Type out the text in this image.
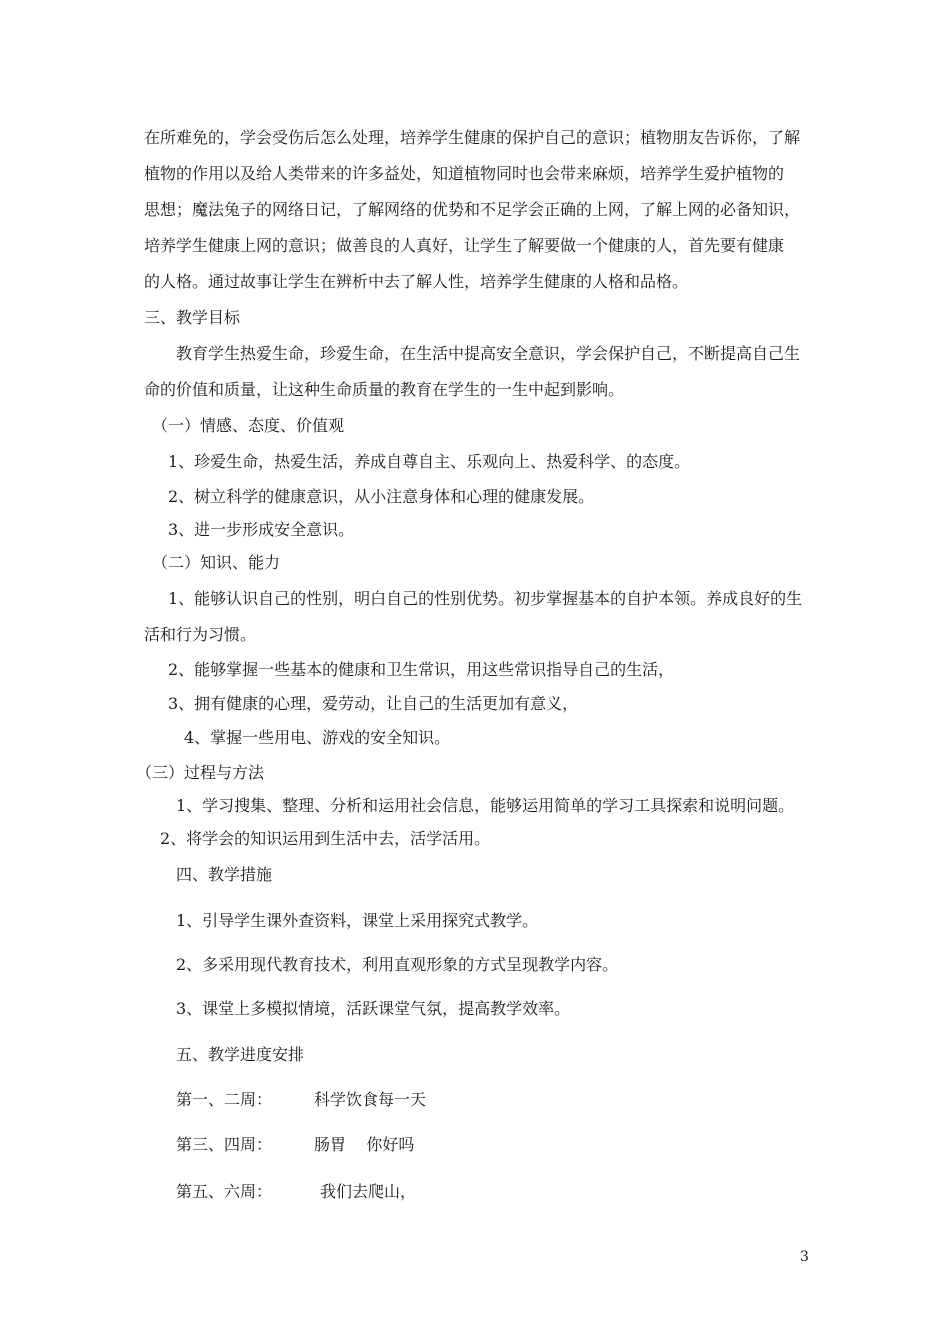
在所难免的，学会受伤后怎么处理，培养学生健康的保护自己的意识；植物朋友告诉你，了解
植物的作用以及给人类带来的许多益处，知道植物同时也会带来麻烦，培养学生爱护植物的
思想；魔法兔子的网络日记，了解网络的优势和不足学会正确的上网，了解上网的必备知识，
培养学生健康上网的意识；做善良的人真好，让学生了解要做一个健康的人，首先要有健康
的人格。通过故事让学生在辨析中去了解人性，培养学生健康的人格和品格。
三、教学目标
教育学生热爱生命，珍爱生命，在生活中提高安全意识，学会保护自己，不断提高自己生
命的价值和质量，让这种生命质量的教育在学生的一生中起到影响。
（一）情感、态度、价值观
1、珍爱生命，热爱生活，养成自尊自主、乐观向上、热爱科学、的态度。
2、树立科学的健康意识，从小注意身体和心理的健康发展。
3、进一步形成安全意识。
（二）知识、能力
1、能够认识自己的性别，明白自己的性别优势。初步掌握基本的自护本领。养成良好的生
活和行为习惯。
2、能够掌握一些基本的健康和卫生常识，用这些常识指导自己的生活，
3、拥有健康的心理，爱劳动，让自己的生活更加有意义，
4、掌握一些用电、游戏的安全知识。
（三）过程与方法
1、学习搜集、整理、分析和运用社会信息，能够运用简单的学习工具探索和说明问题。
2、将学会的知识运用到生活中去，活学活用。
四、教学措施
1、引导学生课外查资料，课堂上采用探究式教学。
2、多采用现代教育技术，利用直观形象的方式呈现教学内容。
3、课堂上多模拟情境，活跃课堂气氛，提高教学效率。
五、教学进度安排
第一、二周：	科学饮食每一天
第三、四周：	肠胃    你好吗
第五、六周：	我们去爬山，
3
